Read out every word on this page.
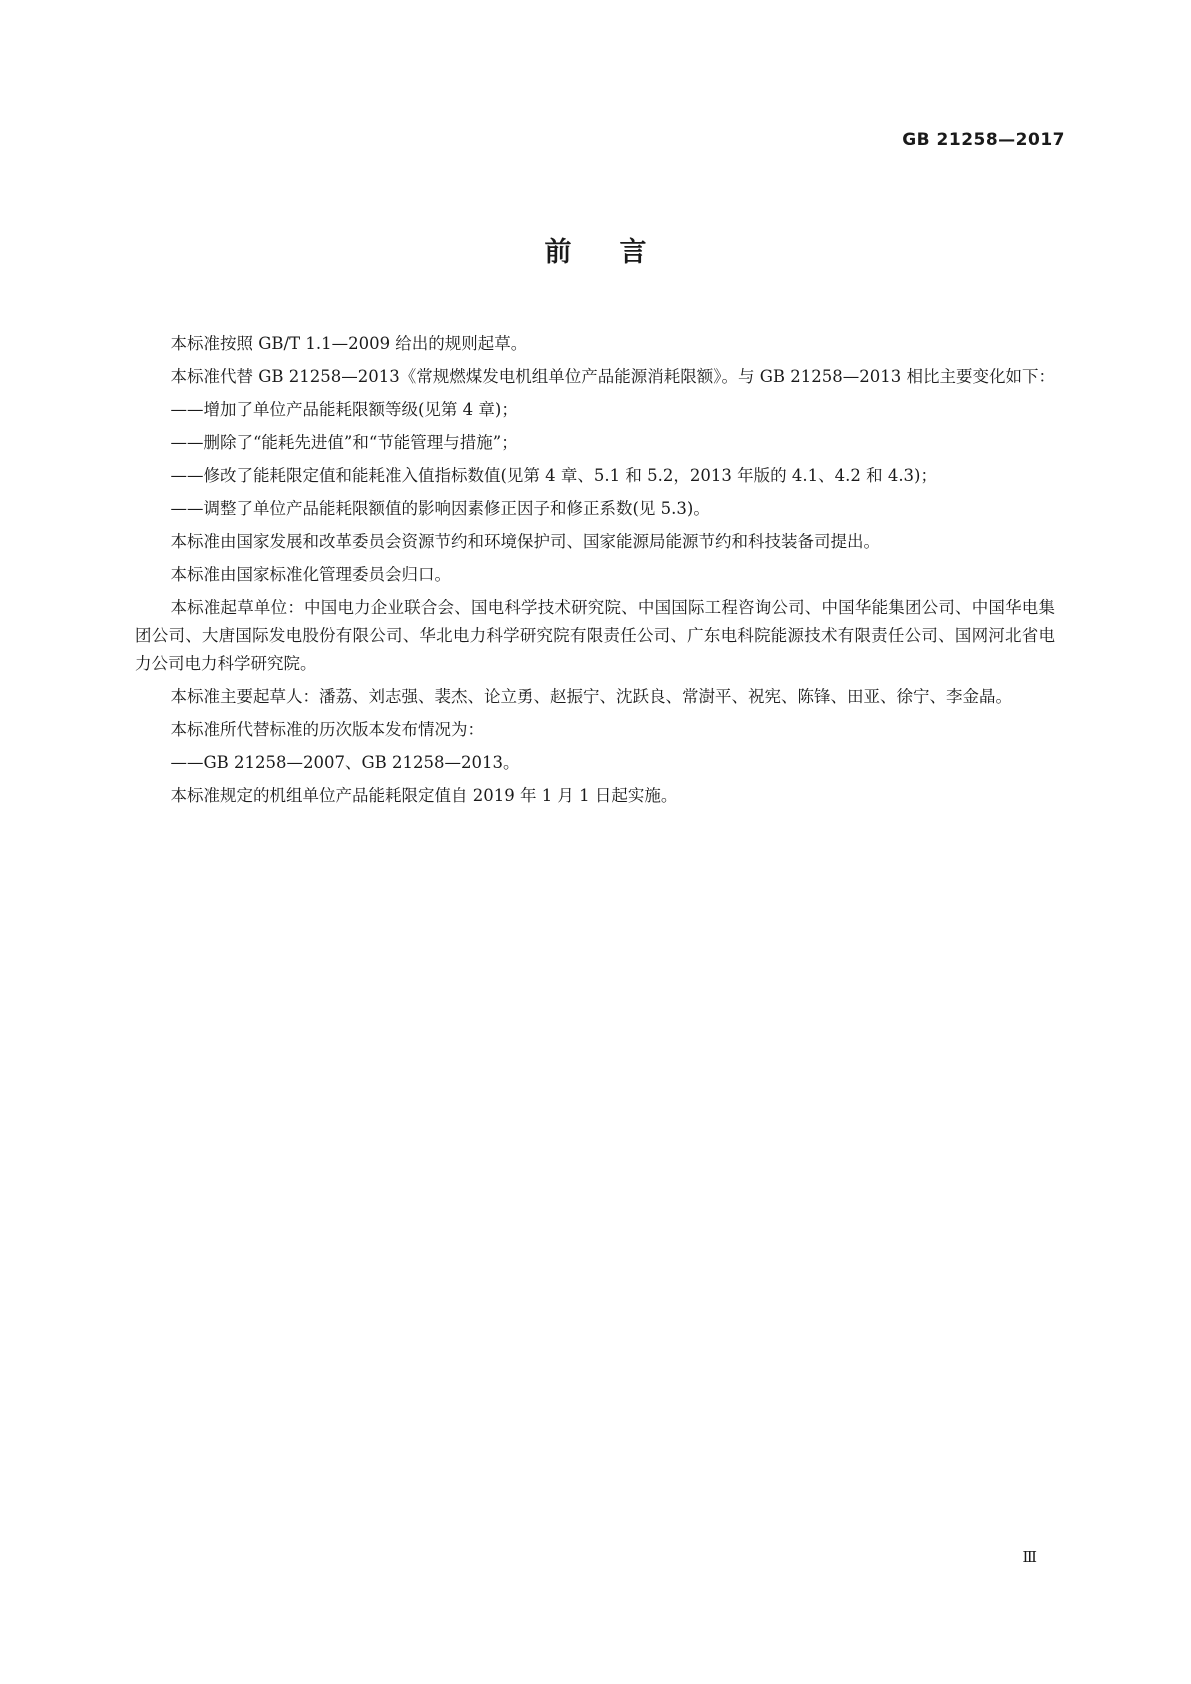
GB 21258—2017
前言

本标准按照 GB/T 1.1—2009 给出的规则起草。

本标准代替 GB 21258—2013《常规燃煤发电机组单位产品能源消耗限额》。与 GB 21258—2013 相比主要变化如下：

——增加了单位产品能耗限额等级(见第 4 章)；

——删除了“能耗先进值”和“节能管理与措施”；

——修改了能耗限定值和能耗准入值指标数值(见第 4 章、5.1 和 5.2，2013 年版的 4.1、4.2 和 4.3)；

——调整了单位产品能耗限额值的影响因素修正因子和修正系数(见 5.3)。

本标准由国家发展和改革委员会资源节约和环境保护司、国家能源局能源节约和科技装备司提出。

本标准由国家标准化管理委员会归口。

本标准起草单位：中国电力企业联合会、国电科学技术研究院、中国国际工程咨询公司、中国华能集团公司、中国华电集团公司、大唐国际发电股份有限公司、华北电力科学研究院有限责任公司、广东电科院能源技术有限责任公司、国网河北省电力公司电力科学研究院。

本标准主要起草人：潘荔、刘志强、裴杰、论立勇、赵振宁、沈跃良、常澍平、祝宪、陈锋、田亚、徐宁、李金晶。

本标准所代替标准的历次版本发布情况为：

——GB 21258—2007、GB 21258—2013。

本标准规定的机组单位产品能耗限定值自 2019 年 1 月 1 日起实施。

Ⅲ
